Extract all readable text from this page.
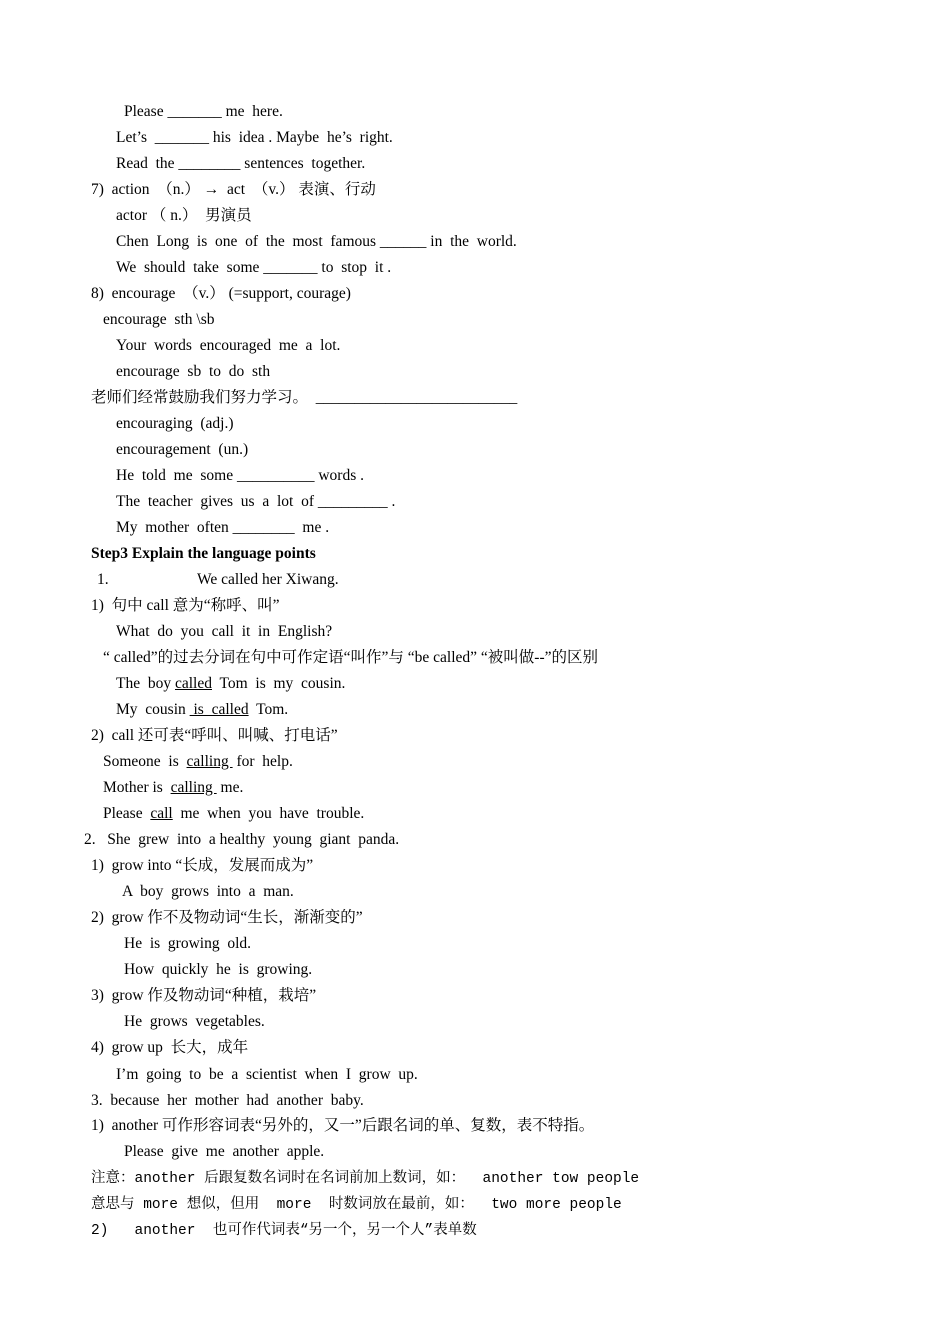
Please _______ me  here.
Let’s  _______ his  idea . Maybe  he’s  right.
Read  the ________ sentences  together.
7)  action  （n.） →  act  （v.） 表演、行动
actor （ n.）  男演员
Chen  Long  is  one  of  the  most  famous ______ in  the  world.
We  should  take  some _______ to  stop  it .
8)  encourage  （v.） (=support, courage)
encourage  sth \sb
Your  words  encouraged  me  a  lot.
encourage  sb  to  do  sth
老师们经常鼓励我们努力学习。  __________________________
encouraging  (adj.)
encouragement  (un.)
He  told  me  some __________ words .
The  teacher  gives  us  a  lot  of _________ .
My  mother  often ________  me .
Step3 Explain the language points
1.	We called her Xiwang.
1)  句中 call 意为“称呼、叫”
What  do  you  call  it  in  English?
“ called”的过去分词在句中可作定语“叫作”与 “be called” “被叫做--”的区别
The  boy called  Tom  is  my  cousin.
My  cousin  is  called  Tom.
2)  call 还可表“呼叫、叫喊、打电话”
Someone  is  calling  for  help.
Mother is  calling  me.
Please  call  me  when  you  have  trouble.
2.   She  grew  into  a healthy  young  giant  panda.
1)  grow into “长成，发展而成为”
A  boy  grows  into  a  man.
2)  grow 作不及物动词“生长，渐渐变的”
He  is  growing  old.
How  quickly  he  is  growing.
3)  grow 作及物动词“种植，栽培”
He  grows  vegetables.
4)  grow up  长大，成年
I’m  going  to  be  a  scientist  when  I  grow  up.
3.  because  her  mother  had  another  baby.
1)  another 可作形容词表“另外的，又一”后跟名词的单、复数，表不特指。
Please  give  me  another  apple.
注意：another 后跟复数名词时在名词前加上数词，如：  another tow people
意思与 more 想似，但用  more  时数词放在最前，如：  two more people
2)   another  也可作代词表“另一个，另一个人”表单数
